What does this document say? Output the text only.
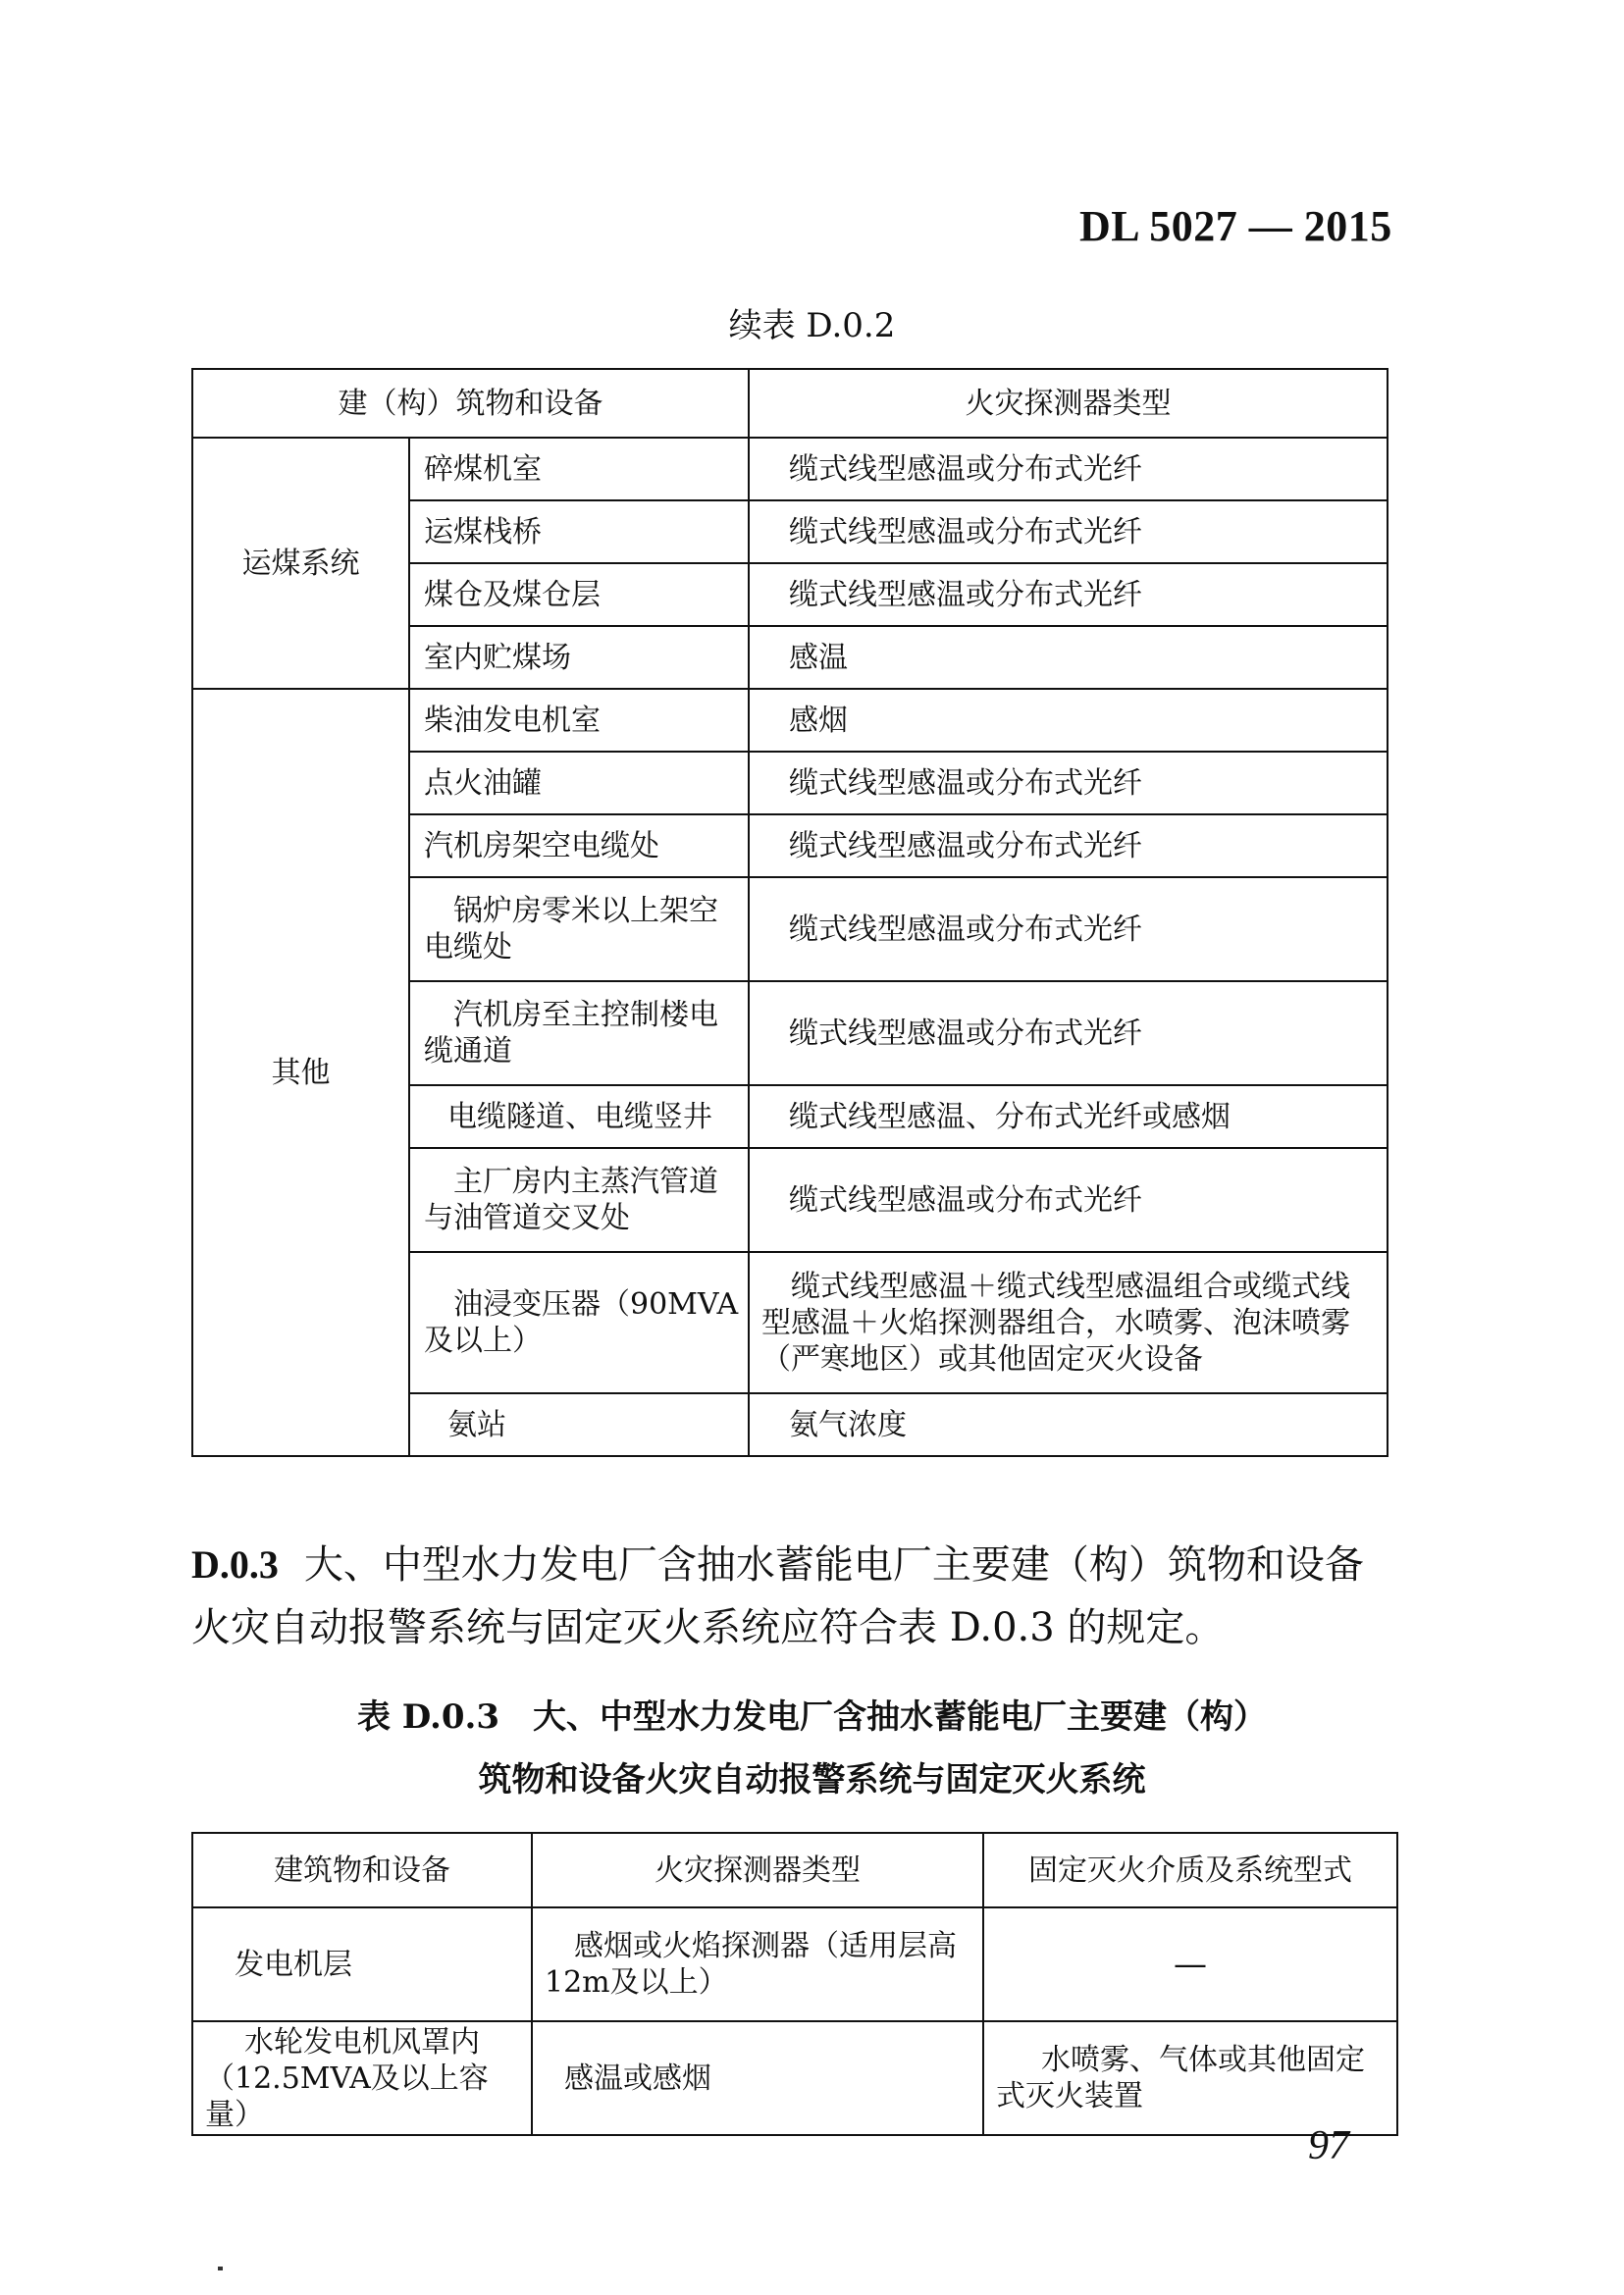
DL 5027 — 2015
续表 D.0.2
建（构）筑物和设备		火灾探测器类型
运煤系统	碎煤机室	缆式线型感温或分布式光纤
	运煤栈桥	缆式线型感温或分布式光纤
	煤仓及煤仓层	缆式线型感温或分布式光纤
	室内贮煤场	感温
其他	柴油发电机室	感烟
	点火油罐	缆式线型感温或分布式光纤
	汽机房架空电缆处	缆式线型感温或分布式光纤

	锅炉房零米以上架空电缆处	缆式线型感温或分布式光纤

	汽机房至主控制楼电缆通道	缆式线型感温或分布式光纤
	电缆隧道、电缆竖井	缆式线型感温、分布式光纤或感烟

	主厂房内主蒸汽管道与油管道交叉处	缆式线型感温或分布式光纤

	油浸变压器（90MVA及以上）	缆式线型感温＋缆式线型感温组合或缆式线型感温＋火焰探测器组合，水喷雾、泡沫喷雾（严寒地区）或其他固定灭火设备

	氨站	氨气浓度
D.0.3 大、中型水力发电厂含抽水蓄能电厂主要建（构）筑物和设备火灾自动报警系统与固定灭火系统应符合表 D.0.3 的规定。
表 D.0.3　大、中型水力发电厂含抽水蓄能电厂主要建（构）
筑物和设备火灾自动报警系统与固定灭火系统
建筑物和设备	火灾探测器类型	固定灭火介质及系统型式
发电机层	感烟或火焰探测器（适用层高12m及以上）	—

水轮发电机风罩内（12.5MVA及以上容量）	感温或感烟	水喷雾、气体或其他固定式灭火装置
97
